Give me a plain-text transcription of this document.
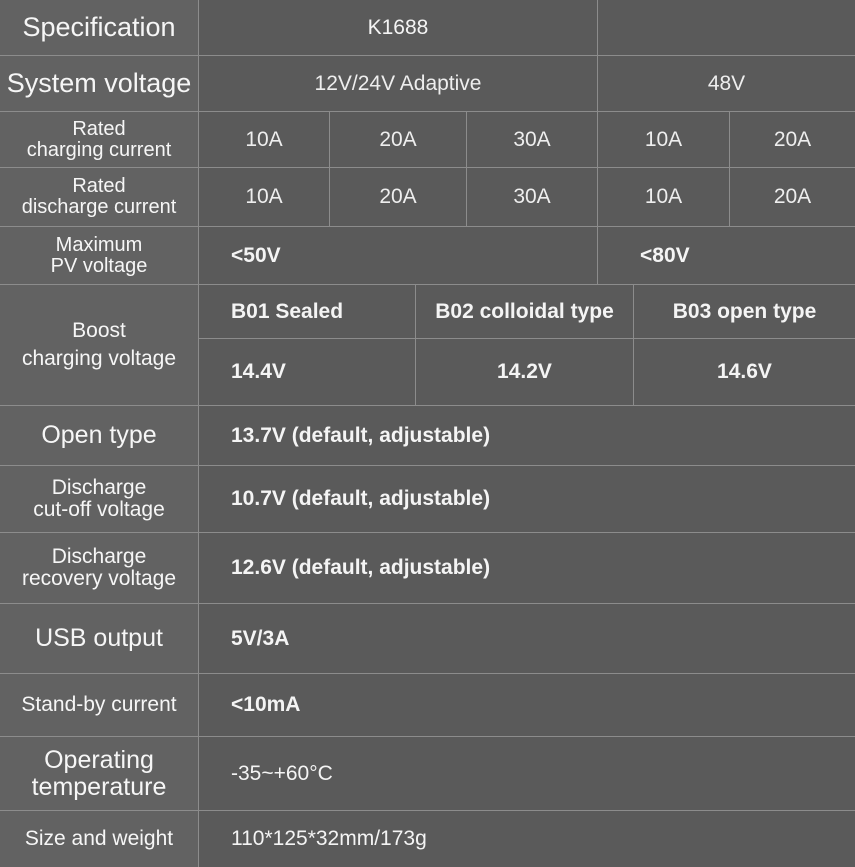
Specification	K1688
System voltage	12V/24V Adaptive	48V
Rated
charging current	10A	20A	30A	10A	20A
Rated
discharge current	10A	20A	30A	10A	20A
Maximum
PV voltage	<50V	<80V
Boost
charging voltage
B01 Sealed	B02 colloidal type	B03 open type
14.4V	14.2V	14.6V
Open type	13.7V (default, adjustable)
Discharge
cut-off voltage	10.7V (default, adjustable)
Discharge
recovery voltage	12.6V (default, adjustable)
USB output	5V/3A
Stand-by current	<10mA
Operating
temperature	-35~+60°C
Size and weight	110*125*32mm/173g
